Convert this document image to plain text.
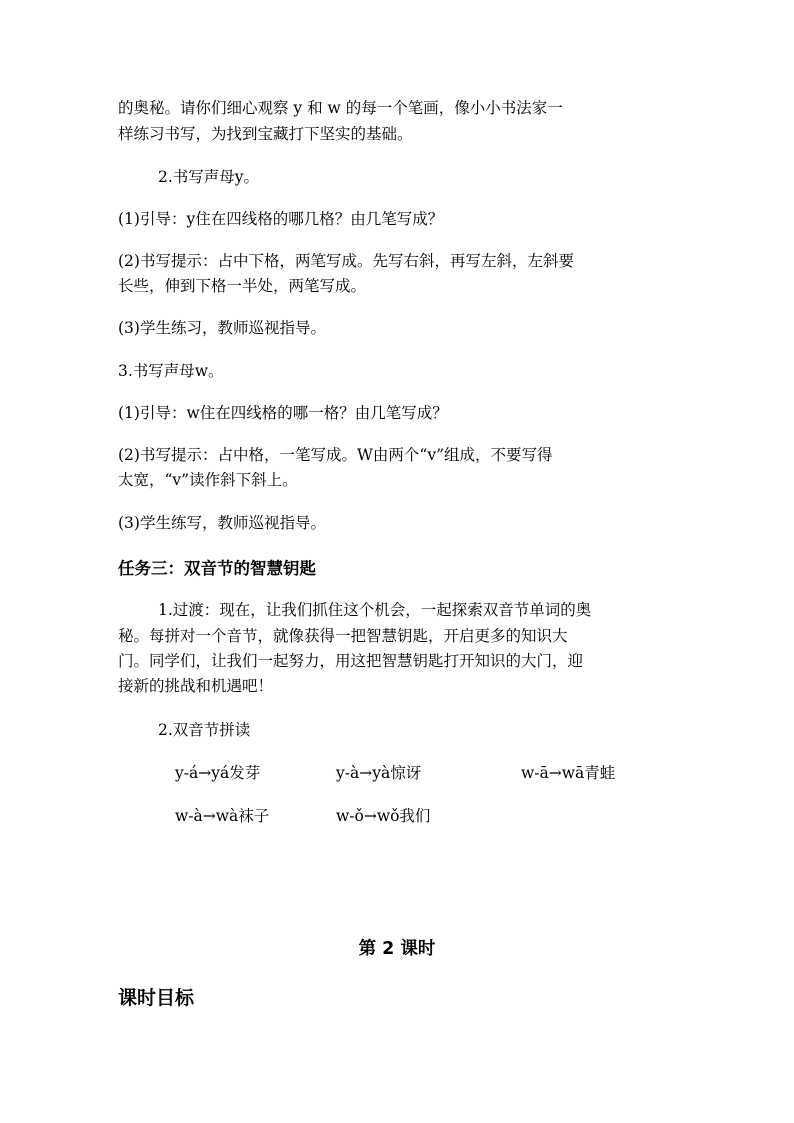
的奥秘。请你们细心观察 y 和 w 的每一个笔画，像小小书法家一
样练习书写，为找到宝藏打下坚实的基础。
2.书写声母y。
(1)引导：y住在四线格的哪几格？由几笔写成？
(2)书写提示：占中下格，两笔写成。先写右斜，再写左斜，左斜要
长些，伸到下格一半处，两笔写成。
(3)学生练习，教师巡视指导。
3.书写声母w。
(1)引导：w住在四线格的哪一格？由几笔写成？
(2)书写提示：占中格，一笔写成。W由两个“v”组成，不要写得
太宽，“v”读作斜下斜上。
(3)学生练写，教师巡视指导。
任务三：双音节的智慧钥匙
1.过渡：现在，让我们抓住这个机会，一起探索双音节单词的奥
秘。每拼对一个音节，就像获得一把智慧钥匙，开启更多的知识大
门。同学们，让我们一起努力，用这把智慧钥匙打开知识的大门，迎
接新的挑战和机遇吧！
2.双音节拼读
y-á→yá发芽	y-à→yà惊讶	w-ā→wā青蛙
w-à→wà袜子	w-ǒ→wǒ我们
第 2 课时
课时目标
